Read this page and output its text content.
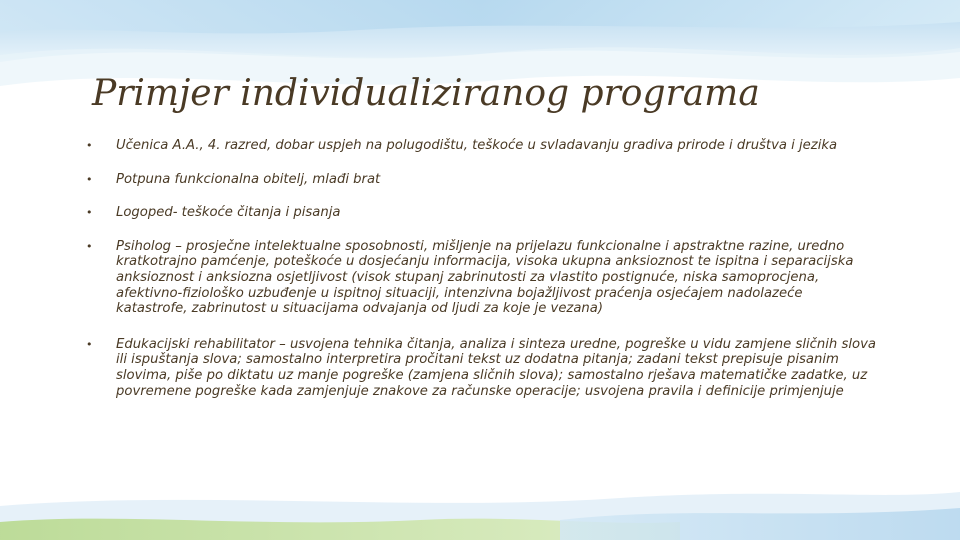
Primjer individualiziranog programa
• Učenica A.A., 4. razred, dobar uspjeh na polugodištu, teškoće u svladavanju gradiva prirode i društva i jezika
• Potpuna funkcionalna obitelj, mlađi brat
• Logoped- teškoće čitanja i pisanja
• Psiholog – prosječne intelektualne sposobnosti, mišljenje na prijelazu funkcionalne i apstraktne razine, uredno kratkotrajno pamćenje, poteškoće u dosjećanju informacija, visoka ukupna anksioznost te ispitna i separacijska anksioznost i anksiozna osjetljivost (visok stupanj zabrinutosti za vlastito postignuće, niska samoprocjena, afektivno-fiziološko uzbuđenje u ispitnoj situaciji, intenzivna bojažljivost praćenja osjećajem nadolazeće katastrofe, zabrinutost u situacijama odvajanja od ljudi za koje je vezana)
• Edukacijski rehabilitator – usvojena tehnika čitanja, analiza i sinteza uredne, pogreške u vidu zamjene sličnih slova ili ispuštanja slova; samostalno interpretira pročitani tekst uz dodatna pitanja; zadani tekst prepisuje pisanim slovima, piše po diktatu uz manje pogreške (zamjena sličnih slova); samostalno rješava matematičke zadatke, uz povremene pogreške kada zamjenjuje znakove za računske operacije; usvojena pravila i definicije primjenjuje
